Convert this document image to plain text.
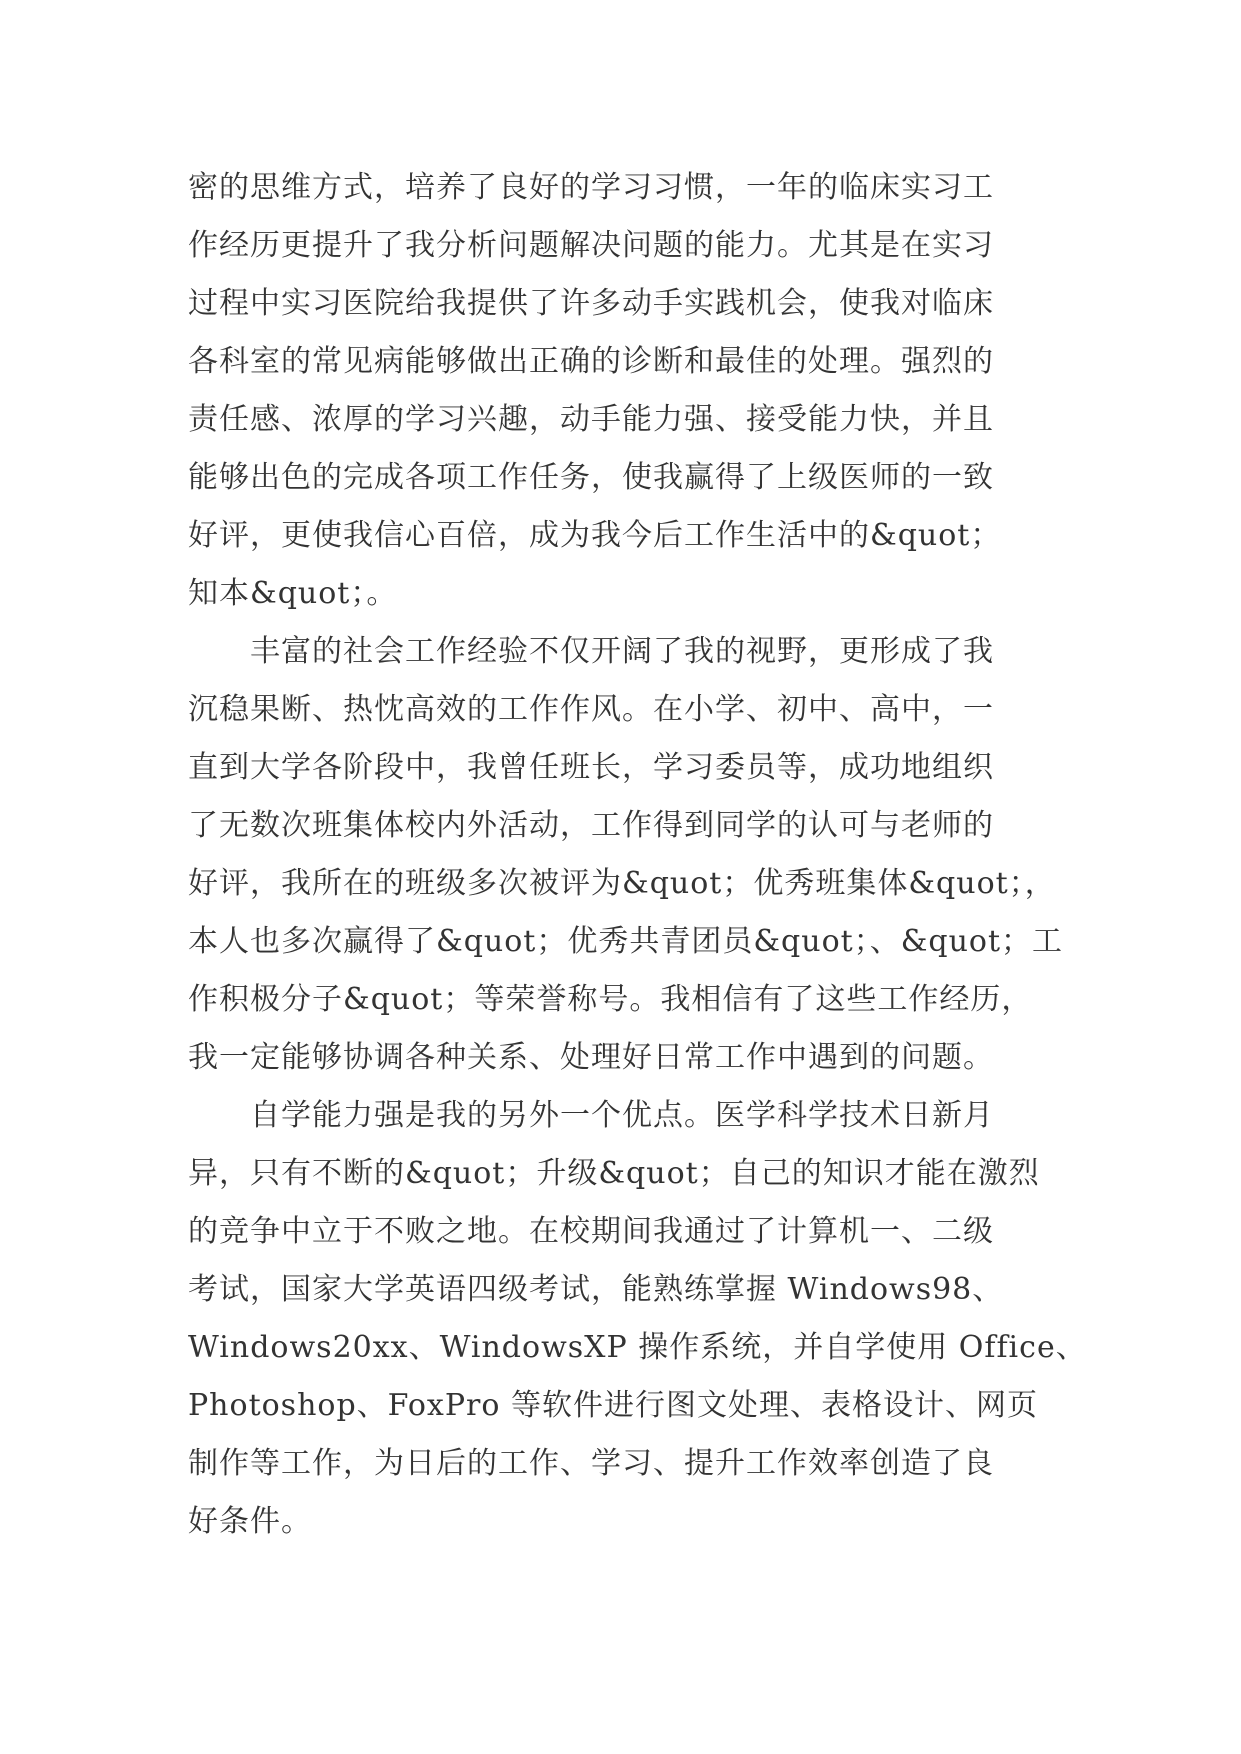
密的思维方式，培养了良好的学习习惯，一年的临床实习工
作经历更提升了我分析问题解决问题的能力。尤其是在实习
过程中实习医院给我提供了许多动手实践机会，使我对临床
各科室的常见病能够做出正确的诊断和最佳的处理。强烈的
责任感、浓厚的学习兴趣，动手能力强、接受能力快，并且
能够出色的完成各项工作任务，使我赢得了上级医师的一致
好评，更使我信心百倍，成为我今后工作生活中的&quot；
知本&quot；。
　　丰富的社会工作经验不仅开阔了我的视野，更形成了我
沉稳果断、热忱高效的工作作风。在小学、初中、高中，一
直到大学各阶段中，我曾任班长，学习委员等，成功地组织
了无数次班集体校内外活动，工作得到同学的认可与老师的
好评，我所在的班级多次被评为&quot；优秀班集体&quot；，
本人也多次赢得了&quot；优秀共青团员&quot；、&quot；工
作积极分子&quot；等荣誉称号。我相信有了这些工作经历，
我一定能够协调各种关系、处理好日常工作中遇到的问题。
　　自学能力强是我的另外一个优点。医学科学技术日新月
异，只有不断的&quot；升级&quot；自己的知识才能在激烈
的竞争中立于不败之地。在校期间我通过了计算机一、二级
考试，国家大学英语四级考试，能熟练掌握 Windows98、
Windows20xx、WindowsXP 操作系统，并自学使用 Office、
Photoshop、FoxPro 等软件进行图文处理、表格设计、网页
制作等工作，为日后的工作、学习、提升工作效率创造了良
好条件。
